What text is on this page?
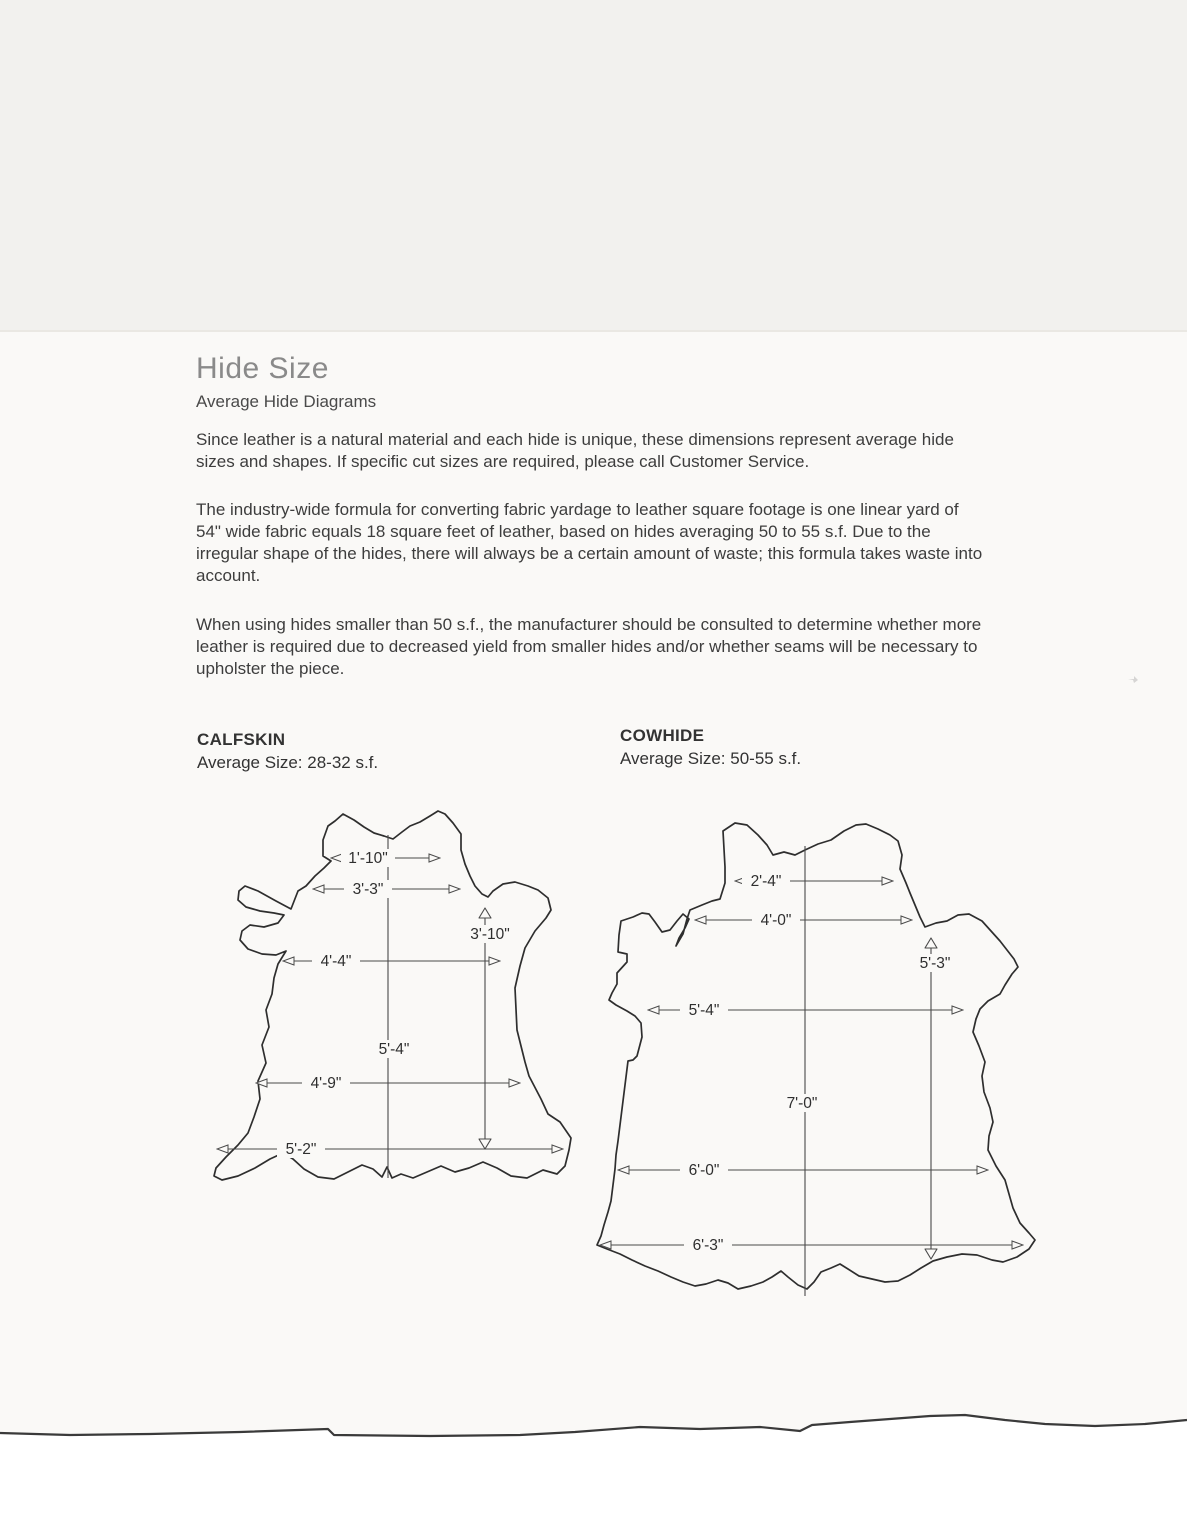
Hide Size
Average Hide Diagrams

Since leather is a natural material and each hide is unique, these dimensions represent average hide sizes and shapes. If specific cut sizes are required, please call Customer Service.

The industry-wide formula for converting fabric yardage to leather square footage is one linear yard of 54" wide fabric equals 18 square feet of leather, based on hides averaging 50 to 55 s.f. Due to the irregular shape of the hides, there will always be a certain amount of waste; this formula takes waste into account.

When using hides smaller than 50 s.f., the manufacturer should be consulted to determine whether more leather is required due to decreased yield from smaller hides and/or whether seams will be necessary to upholster the piece.

CALFSKIN
Average Size: 28-32 s.f.
COWHIDE
Average Size: 50-55 s.f.
5'-4"
3'-10"
1'-10"
3'-3"
4'-4"
4'-9"
5'-2"
7'-0"
5'-3"
2'-4"
4'-0"
5'-4"
6'-0"
6'-3"
